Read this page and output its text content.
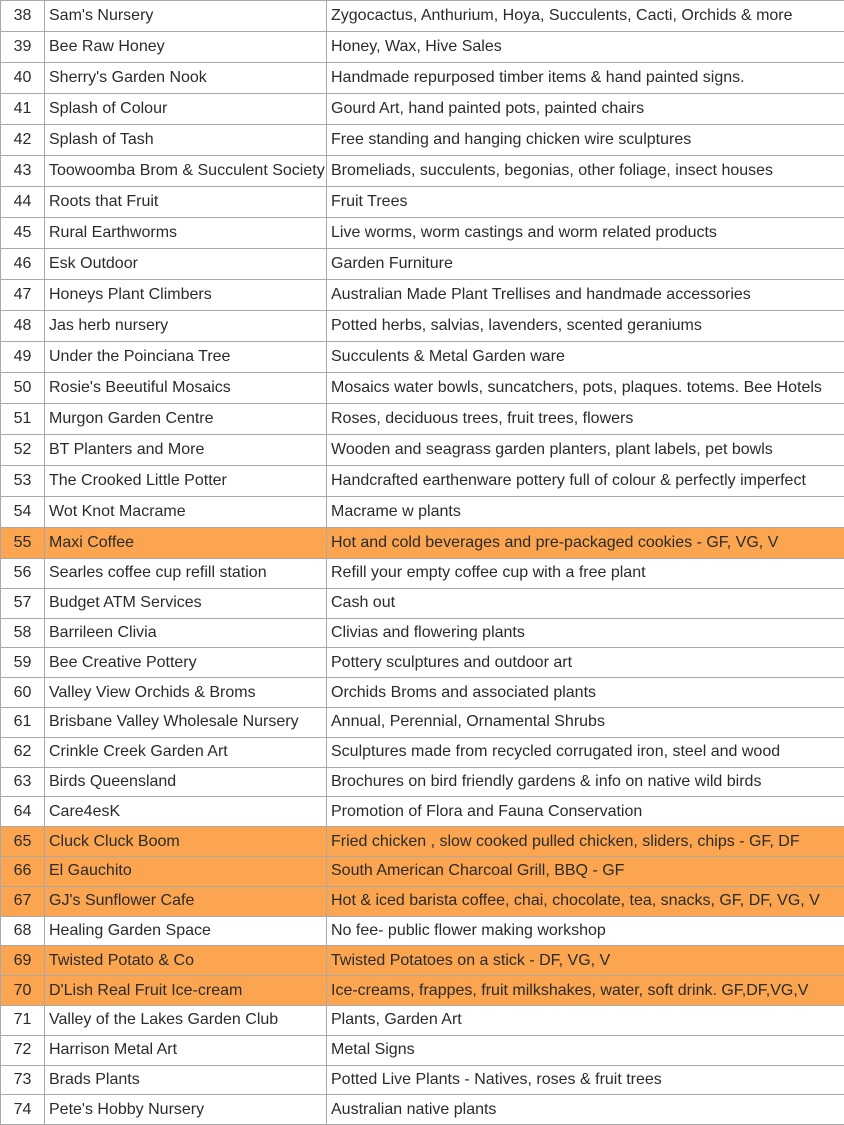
38	Sam's Nursery	Zygocactus, Anthurium, Hoya, Succulents, Cacti, Orchids & more
39	Bee Raw Honey	Honey, Wax, Hive Sales
40	Sherry's Garden Nook	Handmade repurposed timber items & hand painted signs.
41	Splash of Colour	Gourd Art, hand painted pots, painted chairs
42	Splash of Tash	Free standing and hanging chicken wire sculptures
43	Toowoomba Brom & Succulent Society	Bromeliads, succulents, begonias, other foliage, insect houses
44	Roots that Fruit	Fruit Trees
45	Rural Earthworms	Live worms, worm castings and worm related products
46	Esk Outdoor	Garden Furniture
47	Honeys Plant Climbers	Australian Made Plant Trellises and handmade accessories
48	Jas herb nursery	Potted herbs, salvias, lavenders, scented geraniums
49	Under the Poinciana Tree	Succulents & Metal Garden ware
50	Rosie's Beeutiful Mosaics	Mosaics water bowls, suncatchers, pots, plaques. totems. Bee Hotels
51	Murgon Garden Centre	Roses, deciduous trees, fruit trees, flowers
52	BT Planters and More	Wooden and seagrass garden planters, plant labels, pet bowls
53	The Crooked Little Potter	Handcrafted earthenware pottery full of colour & perfectly imperfect
54	Wot Knot Macrame	Macrame w plants
55	Maxi Coffee	Hot and cold beverages and pre-packaged cookies - GF, VG, V
56	Searles coffee cup refill station	Refill your empty coffee cup with a free plant
57	Budget ATM Services	Cash out
58	Barrileen Clivia	Clivias and flowering plants
59	Bee Creative Pottery	Pottery sculptures and outdoor art
60	Valley View Orchids & Broms	Orchids Broms and associated plants
61	Brisbane Valley Wholesale Nursery	Annual, Perennial, Ornamental Shrubs
62	Crinkle Creek Garden Art	Sculptures made from recycled corrugated iron, steel and wood
63	Birds Queensland	Brochures on bird friendly gardens & info on native wild birds
64	Care4esK	Promotion of Flora and Fauna Conservation
65	Cluck Cluck Boom	Fried chicken , slow cooked pulled chicken, sliders, chips - GF, DF
66	El Gauchito	South American Charcoal Grill, BBQ - GF
67	GJ's Sunflower Cafe	Hot & iced barista coffee, chai, chocolate, tea, snacks, GF, DF, VG, V
68	Healing Garden Space	No fee- public flower making workshop
69	Twisted Potato & Co	Twisted Potatoes on a stick - DF, VG, V
70	D'Lish Real Fruit Ice-cream	Ice-creams, frappes, fruit milkshakes, water, soft drink. GF,DF,VG,V
71	Valley of the Lakes Garden Club	Plants, Garden Art
72	Harrison Metal Art	Metal Signs
73	Brads Plants	Potted Live Plants - Natives, roses & fruit trees
74	Pete's Hobby Nursery	Australian native plants
